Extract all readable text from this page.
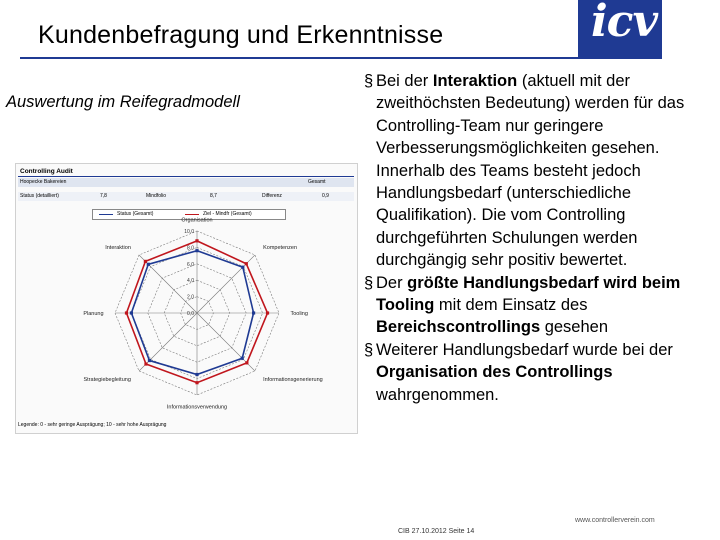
Kundenbefragung und Erkenntnisse	icv
Auswertung im Reifegradmodell
Controlling Audit
Hoopecke Bakereien	Gesamt
Status (detailliert)	7,8	Mindfolio	8,7	Differenz	0,9
Status (Gesamt)	Ziel - Mindfr (Gesamt)
10,0
8,0
6,0
4,0
2,0
0,0
Organisation
Kompetenzen
Tooling
Informationsgenerierung
Informationsverwendung
Strategiebegleitung
Planung
Interaktion
Legende: 0 - sehr geringe Ausprägung; 10 - sehr hohe Ausprägung
§ Bei der Interaktion (aktuell mit der zweithöchsten Bedeutung) werden für das Controlling-Team nur geringere Verbesserungsmöglichkeiten gesehen. Innerhalb des Teams besteht jedoch Handlungsbedarf (unterschiedliche Qualifikation). Die vom Controlling durchgeführten Schulungen werden durchgängig sehr positiv bewertet.
§ Der größte Handlungsbedarf wird beim Tooling mit dem Einsatz des Bereichscontrollings gesehen
§ Weiterer Handlungsbedarf wurde bei der Organisation des Controllings wahrgenommen.
CIB 27.10.2012 Seite 14
www.controllerverein.com
